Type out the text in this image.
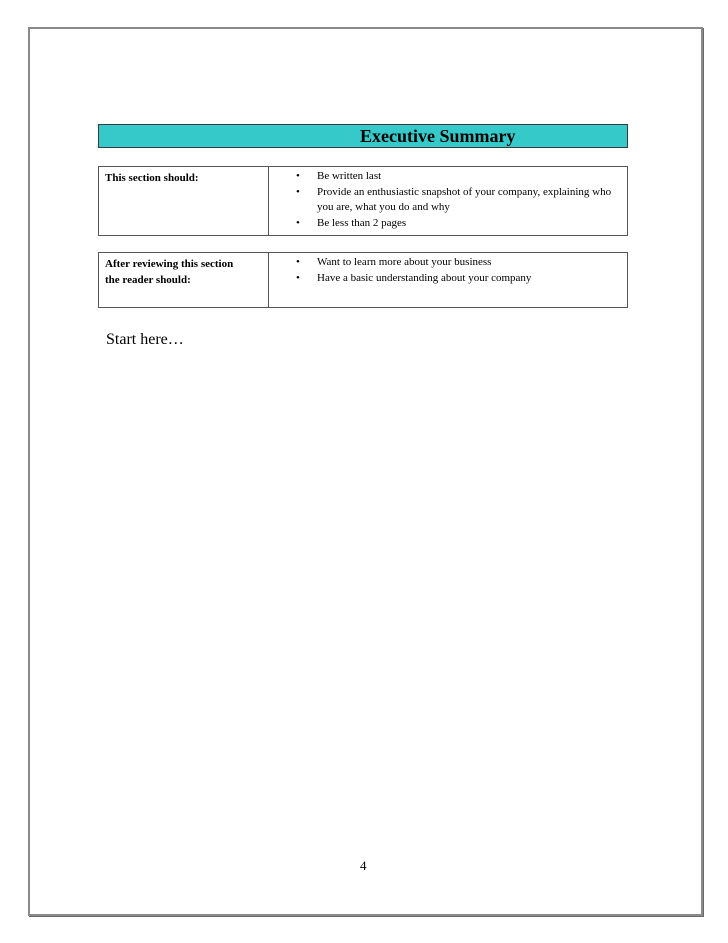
Executive Summary
This section should:	• Be written last
• Provide an enthusiastic snapshot of your company, explaining who you are, what you do and why
• Be less than 2 pages
After reviewing this section the reader should:
• Want to learn more about your business
• Have a basic understanding about your company
Start here…
4
